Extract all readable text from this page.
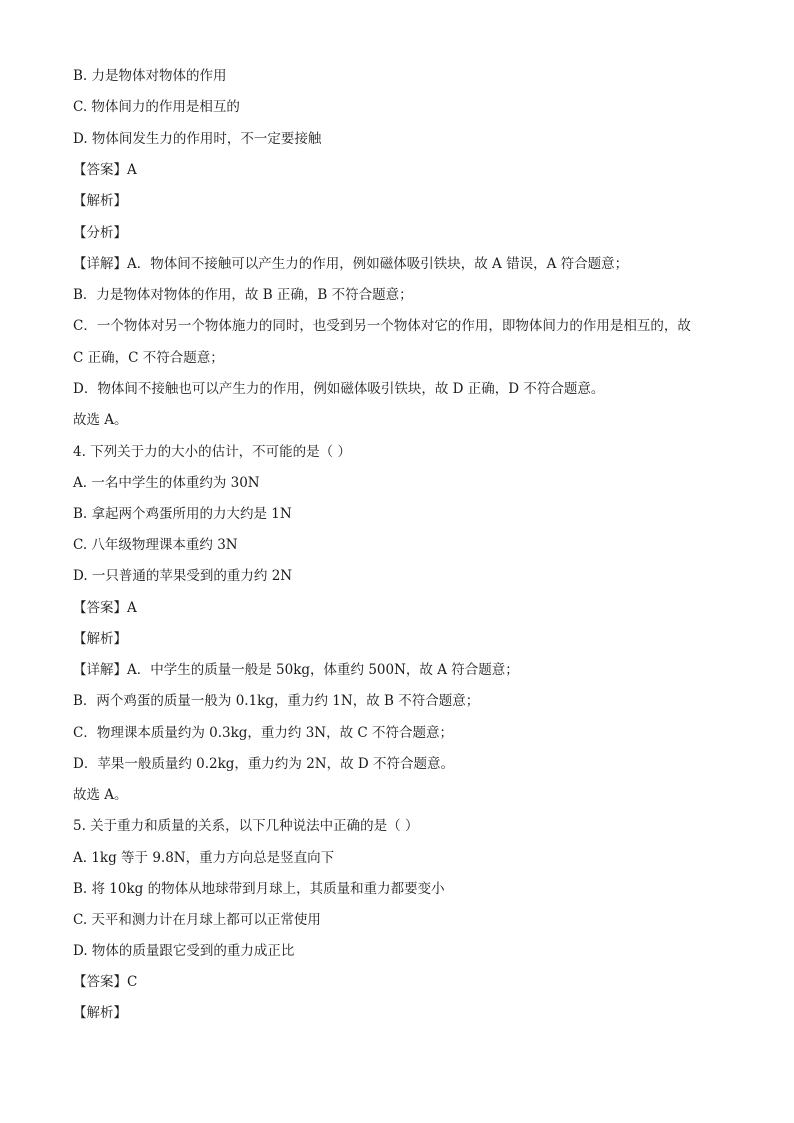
B. 力是物体对物体的作用
C. 物体间力的作用是相互的
D. 物体间发生力的作用时，不一定要接触
【答案】A
【解析】
【分析】
【详解】A．物体间不接触可以产生力的作用，例如磁体吸引铁块，故 A 错误，A 符合题意；
B．力是物体对物体的作用，故 B 正确，B 不符合题意；
C．一个物体对另一个物体施力的同时，也受到另一个物体对它的作用，即物体间力的作用是相互的，故
C 正确，C 不符合题意；
D．物体间不接触也可以产生力的作用，例如磁体吸引铁块，故 D 正确，D 不符合题意。
故选 A。
4. 下列关于力的大小的估计，不可能的是（ ）
A. 一名中学生的体重约为 30N
B. 拿起两个鸡蛋所用的力大约是 1N
C. 八年级物理课本重约 3N
D. 一只普通的苹果受到的重力约 2N
【答案】A
【解析】
【详解】A．中学生的质量一般是 50kg，体重约 500N，故 A 符合题意；
B．两个鸡蛋的质量一般为 0.1kg，重力约 1N，故 B 不符合题意；
C．物理课本质量约为 0.3kg，重力约 3N，故 C 不符合题意；
D．苹果一般质量约 0.2kg，重力约为 2N，故 D 不符合题意。
故选 A。
5. 关于重力和质量的关系，以下几种说法中正确的是（ ）
A. 1kg 等于 9.8N，重力方向总是竖直向下
B. 将 10kg 的物体从地球带到月球上，其质量和重力都要变小
C. 天平和测力计在月球上都可以正常使用
D. 物体的质量跟它受到的重力成正比
【答案】C
【解析】
